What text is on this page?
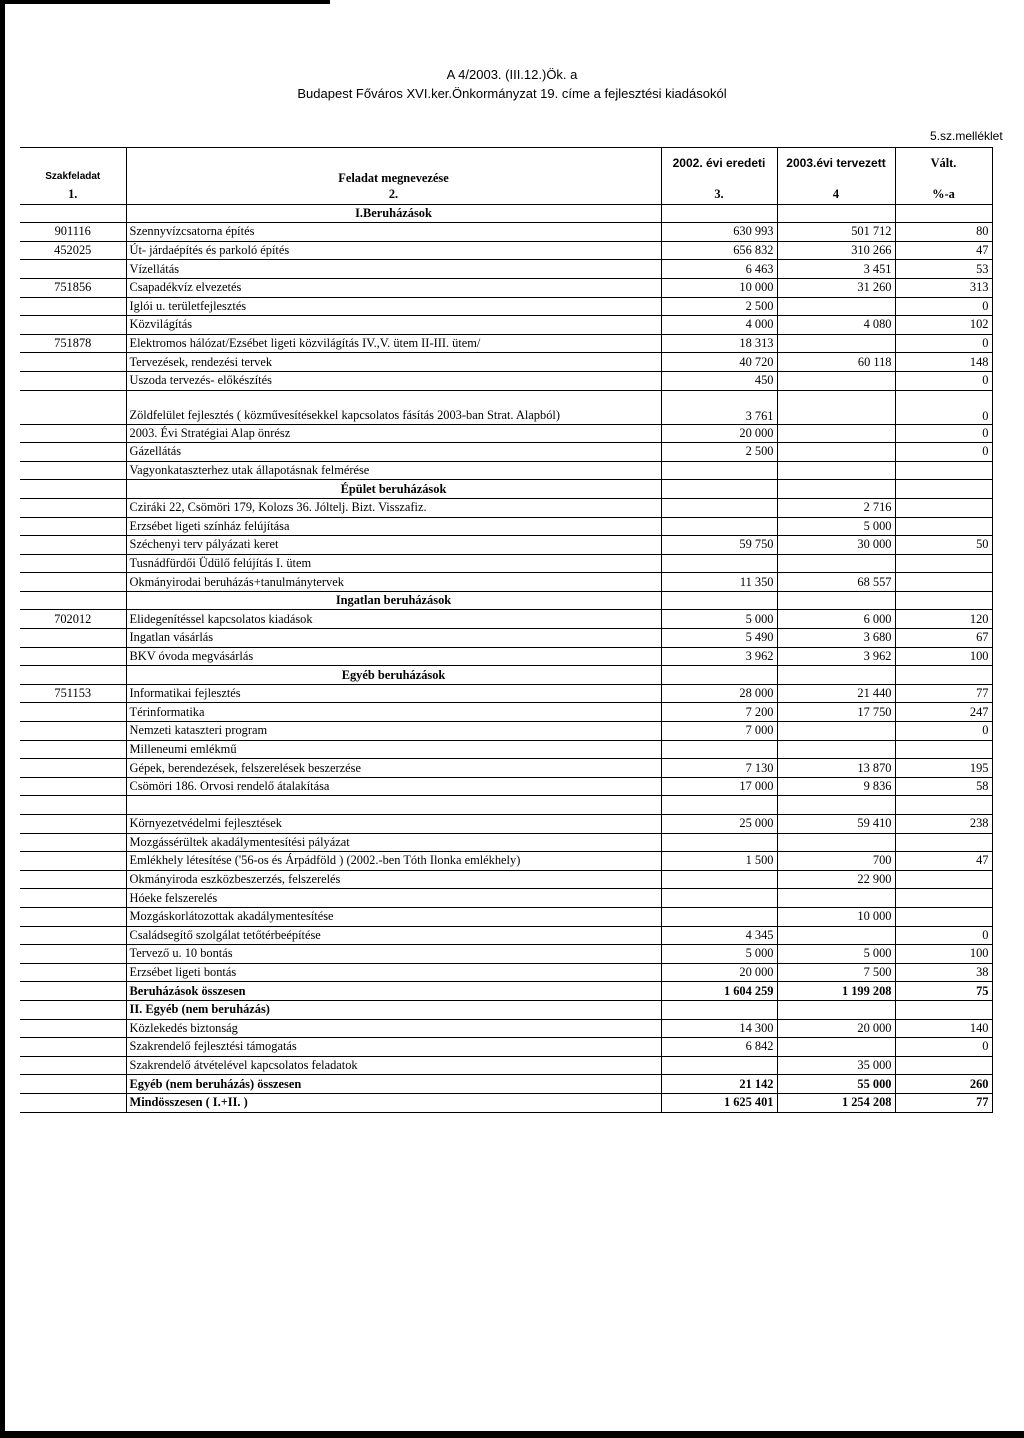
A 4/2003. (III.12.)Ök. a
Budapest Főváros XVI.ker.Önkormányzat 19. címe a fejlesztési kiadásokól
5.sz.melléklet
Szakfeladat	Feladat megnevezése	2002. évi eredeti	2003.évi tervezett	Vált.
1.	2.	3.	4	%-a
	I.Beruházások			
901116	Szennyvízcsatorna építés	630 993	501 712	80
452025	Út- járdaépítés és parkoló építés	656 832	310 266	47
	Vízellátás	6 463	3 451	53
751856	Csapadékvíz elvezetés	10 000	31 260	313
	Iglói u. területfejlesztés	2 500		0
	Közvilágítás	4 000	4 080	102
751878	Elektromos hálózat/Ezsébet ligeti közvilágítás IV.,V. ütem II-III. ütem/	18 313		0
	Tervezések, rendezési tervek	40 720	60 118	148
	Uszoda tervezés- előkészítés	450		0
	Zöldfelület fejlesztés ( közművesítésekkel kapcsolatos fásítás 2003-ban Strat. Alapból)	3 761		0
	2003. Évi Stratégiai Alap önrész	20 000		0
	Gázellátás	2 500		0
	Vagyonkataszterhez utak állapotásnak felmérése			
	Épület beruházások			
	Cziráki 22, Csömöri 179, Kolozs 36. Jóltelj. Bizt. Visszafiz.		2 716	
	Erzsébet ligeti színház felújítása		5 000	
	Széchenyi terv pályázati keret	59 750	30 000	50
	Tusnádfürdői Üdülő felújítás I. ütem			
	Okmányirodai beruházás+tanulmánytervek	11 350	68 557	
	Ingatlan beruházások			
702012	Elidegenítéssel kapcsolatos kiadások	5 000	6 000	120
	Ingatlan vásárlás	5 490	3 680	67
	BKV óvoda megvásárlás	3 962	3 962	100
	Egyéb beruházások			
751153	Informatikai fejlesztés	28 000	21 440	77
	Térinformatika	7 200	17 750	247
	Nemzeti kataszteri program	7 000		0
	Milleneumi emlékmű			
	Gépek, berendezések, felszerelések beszerzése	7 130	13 870	195
	Csömöri 186. Orvosi rendelő átalakítása	17 000	9 836	58

	Környezetvédelmi fejlesztések	25 000	59 410	238
	Mozgássérültek akadálymentesítési pályázat			
	Emlékhely létesítése ('56-os és Árpádföld ) (2002.-ben Tóth Ilonka emlékhely)	1 500	700	47
	Okmányiroda eszközbeszerzés, felszerelés		22 900	
	Hóeke felszerelés			
	Mozgáskorlátozottak akadálymentesítése		10 000	
	Családsegítő szolgálat tetőtérbeépítése	4 345		0
	Tervező u. 10 bontás	5 000	5 000	100
	Erzsébet ligeti bontás	20 000	7 500	38
	Beruházások összesen	1 604 259	1 199 208	75
	II. Egyéb (nem beruházás)			
	Közlekedés biztonság	14 300	20 000	140
	Szakrendelő fejlesztési támogatás	6 842		0
	Szakrendelő átvételével kapcsolatos feladatok		35 000	
	Egyéb (nem beruházás) összesen	21 142	55 000	260
	Mindösszesen ( I.+II. )	1 625 401	1 254 208	77
